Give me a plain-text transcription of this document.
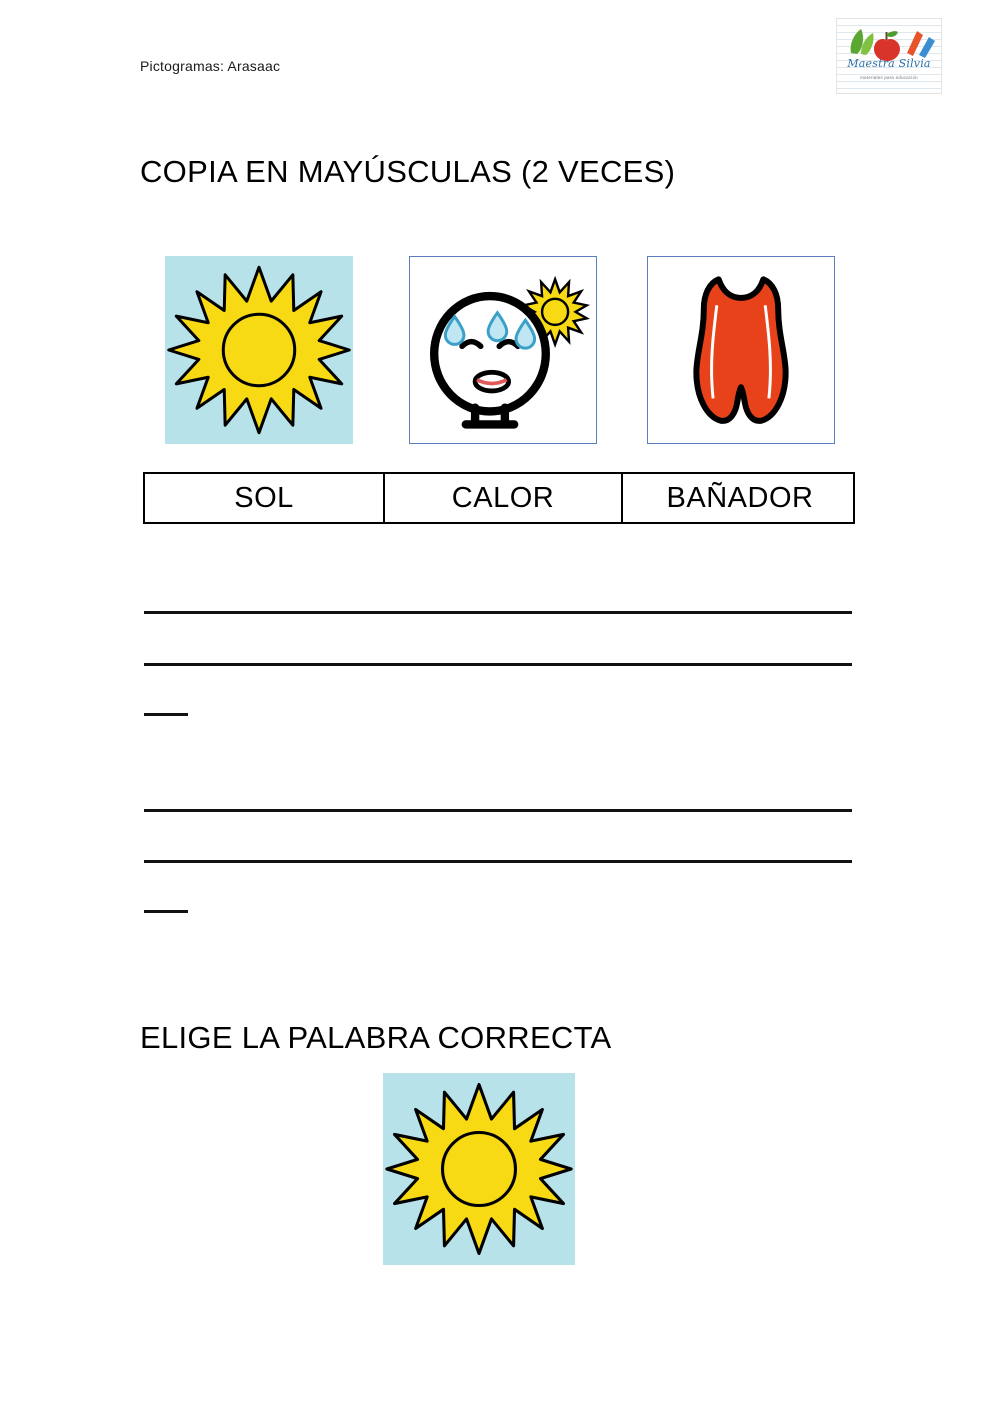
Pictogramas: Arasaac	Maestra Silvia
materiales para educación
COPIA EN MAYÚSCULAS (2 VECES)
SOL	CALOR	BAÑADOR
ELIGE LA PALABRA CORRECTA
